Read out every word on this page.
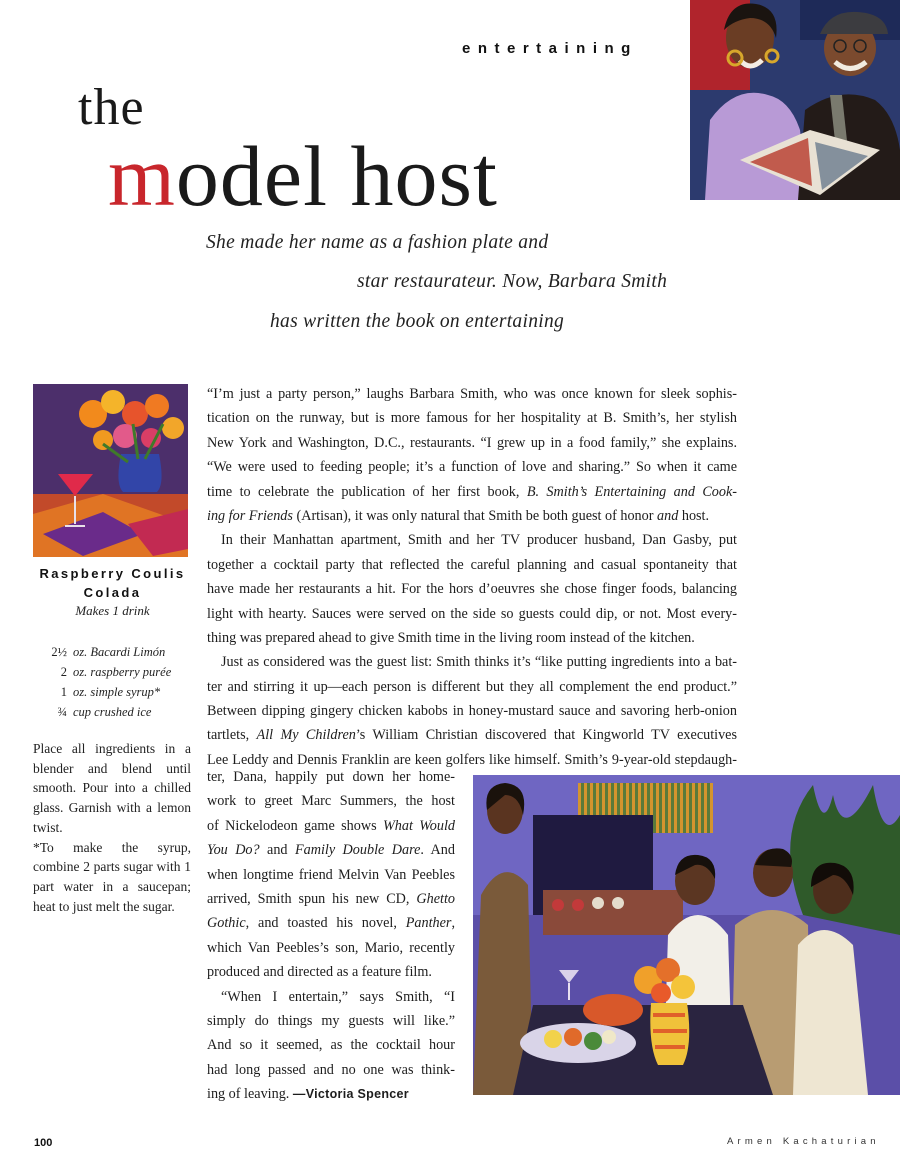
entertaining
the
model host
She made her name as a fashion plate and
star restaurateur. Now, Barbara Smith
has written the book on entertaining
Raspberry Coulis
Colada
Makes 1 drink
2½ oz. Bacardi Limón
2 oz. raspberry purée
1 oz. simple syrup*
¾ cup crushed ice

Place all ingredients in a blender and blend until smooth. Pour into a chilled glass. Garnish with a lemon twist.

*To make the syrup, combine 2 parts sugar with 1 part water in a saucepan; heat to just melt the sugar.

“I’m just a party person,” laughs Barbara Smith, who was once known for sleek sophis-
tication on the runway, but is more famous for her hospitality at B. Smith’s, her stylish
New York and Washington, D.C., restaurants. “I grew up in a food family,” she explains.
“We were used to feeding people; it’s a function of love and sharing.” So when it came
time to celebrate the publication of her first book, B. Smith’s Entertaining and Cook-
ing for Friends (Artisan), it was only natural that Smith be both guest of honor and host.
In their Manhattan apartment, Smith and her TV producer husband, Dan Gasby, put
together a cocktail party that reflected the careful planning and casual spontaneity that
have made her restaurants a hit. For the hors d’oeuvres she chose finger foods, balancing
light with hearty. Sauces were served on the side so guests could dip, or not. Most every-
thing was prepared ahead to give Smith time in the living room instead of the kitchen.
Just as considered was the guest list: Smith thinks it’s “like putting ingredients into a bat-
ter and stirring it up—each person is different but they all complement the end product.”
Between dipping gingery chicken kabobs in honey-mustard sauce and savoring herb-onion
tartlets, All My Children’s William Christian discovered that Kingworld TV executives
Lee Leddy and Dennis Franklin are keen golfers like himself. Smith’s 9-year-old stepdaugh-
ter, Dana, happily put down her home-
work to greet Marc Summers, the host
of Nickelodeon game shows What Would
You Do? and Family Double Dare. And
when longtime friend Melvin Van Peebles
arrived, Smith spun his new CD, Ghetto
Gothic, and toasted his novel, Panther,
which Van Peebles’s son, Mario, recently
produced and directed as a feature film.
“When I entertain,” says Smith, “I
simply do things my guests will like.”
And so it seemed, as the cocktail hour
had long passed and no one was think-
ing of leaving. —Victoria Spencer
100	Armen Kachaturian
